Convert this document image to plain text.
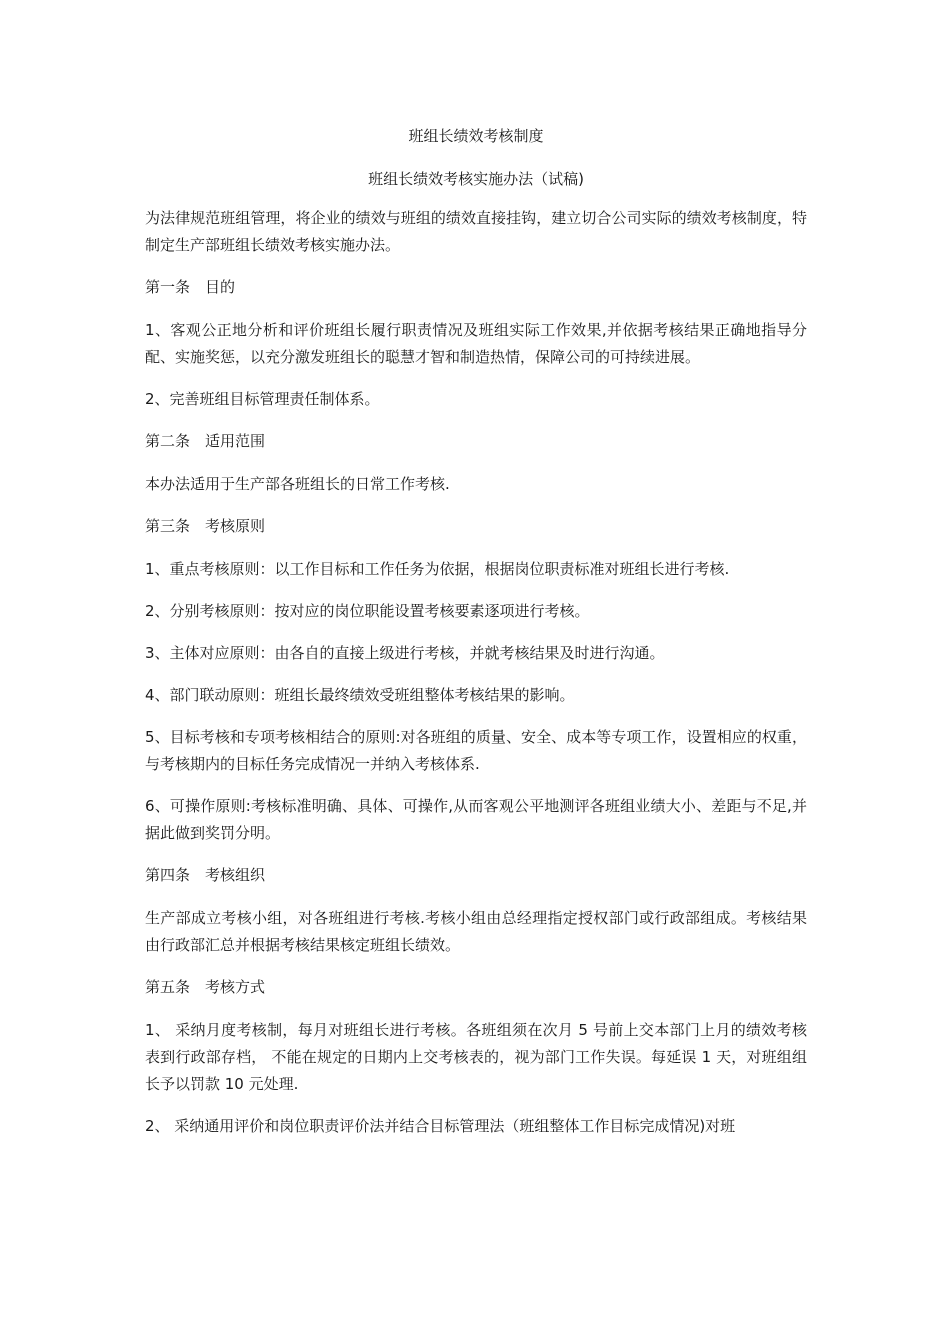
班组长绩效考核制度

班组长绩效考核实施办法（试稿)

为法律规范班组管理，将企业的绩效与班组的绩效直接挂钩，建立切合公司实际的绩效考核制度，特制定生产部班组长绩效考核实施办法。

第一条　目的

1、客观公正地分析和评价班组长履行职责情况及班组实际工作效果,并依据考核结果正确地指导分配、实施奖惩，以充分激发班组长的聪慧才智和制造热情，保障公司的可持续进展。

2、完善班组目标管理责任制体系。

第二条　适用范围

本办法适用于生产部各班组长的日常工作考核.

第三条　考核原则

1、重点考核原则：以工作目标和工作任务为依据，根据岗位职责标准对班组长进行考核.

2、分别考核原则：按对应的岗位职能设置考核要素逐项进行考核。

3、主体对应原则：由各自的直接上级进行考核，并就考核结果及时进行沟通。

4、部门联动原则：班组长最终绩效受班组整体考核结果的影响。

5、目标考核和专项考核相结合的原则:对各班组的质量、安全、成本等专项工作，设置相应的权重，与考核期内的目标任务完成情况一并纳入考核体系.

6、可操作原则:考核标准明确、具体、可操作,从而客观公平地测评各班组业绩大小、差距与不足,并据此做到奖罚分明。

第四条　考核组织

生产部成立考核小组，对各班组进行考核.考核小组由总经理指定授权部门或行政部组成。考核结果由行政部汇总并根据考核结果核定班组长绩效。

第五条　考核方式

1、 采纳月度考核制，每月对班组长进行考核。各班组须在次月 5 号前上交本部门上月的绩效考核表到行政部存档， 不能在规定的日期内上交考核表的，视为部门工作失误。每延误 1 天，对班组组长予以罚款 10 元处理.

2、 采纳通用评价和岗位职责评价法并结合目标管理法（班组整体工作目标完成情况)对班
